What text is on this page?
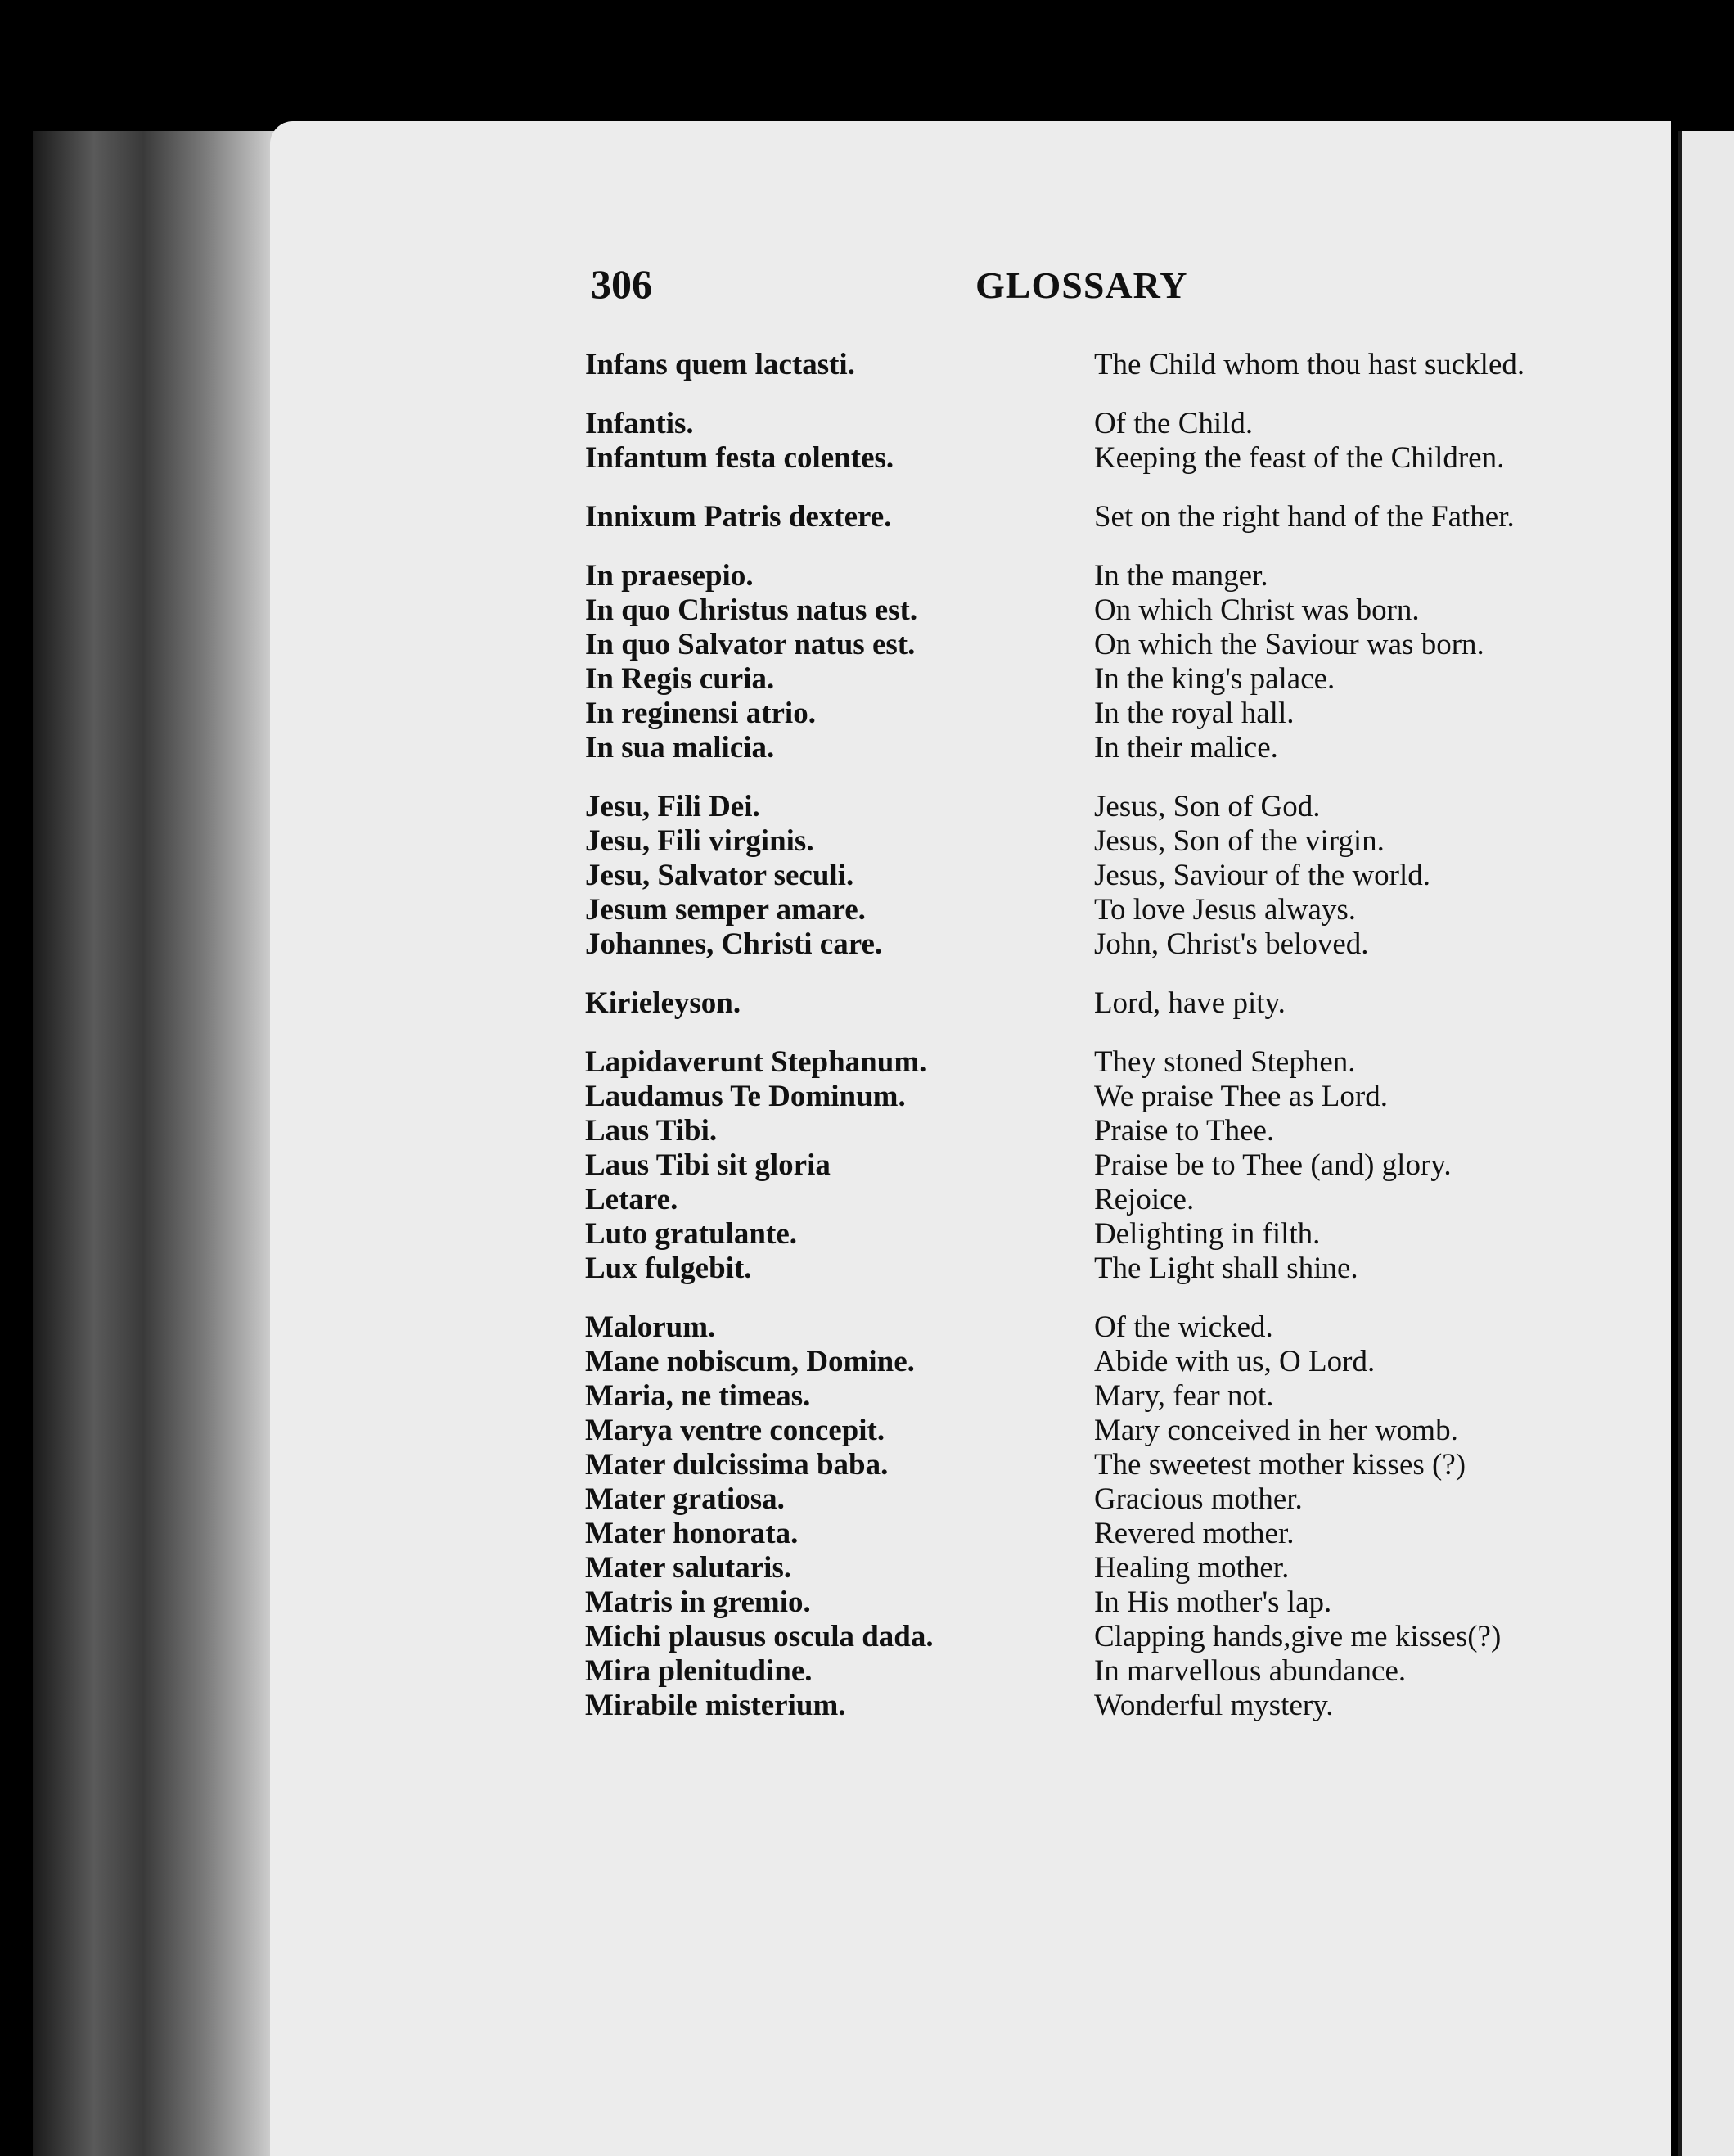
306	GLOSSARY
Infans quem lactasti.	The Child whom thou hast suckled.
Infantis.	Of the Child.
Infantum festa colentes.	Keeping the feast of the Children.
Innixum Patris dextere.	Set on the right hand of the Father.
In praesepio.	In the manger.
In quo Christus natus est.	On which Christ was born.
In quo Salvator natus est.	On which the Saviour was born.
In Regis curia.	In the king's palace.
In reginensi atrio.	In the royal hall.
In sua malicia.	In their malice.
Jesu, Fili Dei.	Jesus, Son of God.
Jesu, Fili virginis.	Jesus, Son of the virgin.
Jesu, Salvator seculi.	Jesus, Saviour of the world.
Jesum semper amare.	To love Jesus always.
Johannes, Christi care.	John, Christ's beloved.
Kirieleyson.	Lord, have pity.
Lapidaverunt Stephanum.	They stoned Stephen.
Laudamus Te Dominum.	We praise Thee as Lord.
Laus Tibi.	Praise to Thee.
Laus Tibi sit gloria	Praise be to Thee (and) glory.
Letare.	Rejoice.
Luto gratulante.	Delighting in filth.
Lux fulgebit.	The Light shall shine.
Malorum.	Of the wicked.
Mane nobiscum, Domine.	Abide with us, O Lord.
Maria, ne timeas.	Mary, fear not.
Marya ventre concepit.	Mary conceived in her womb.
Mater dulcissima baba.	The sweetest mother kisses (?)
Mater gratiosa.	Gracious mother.
Mater honorata.	Revered mother.
Mater salutaris.	Healing mother.
Matris in gremio.	In His mother's lap.
Michi plausus oscula dada.	Clapping hands,give me kisses(?)
Mira plenitudine.	In marvellous abundance.
Mirabile misterium.	Wonderful mystery.
